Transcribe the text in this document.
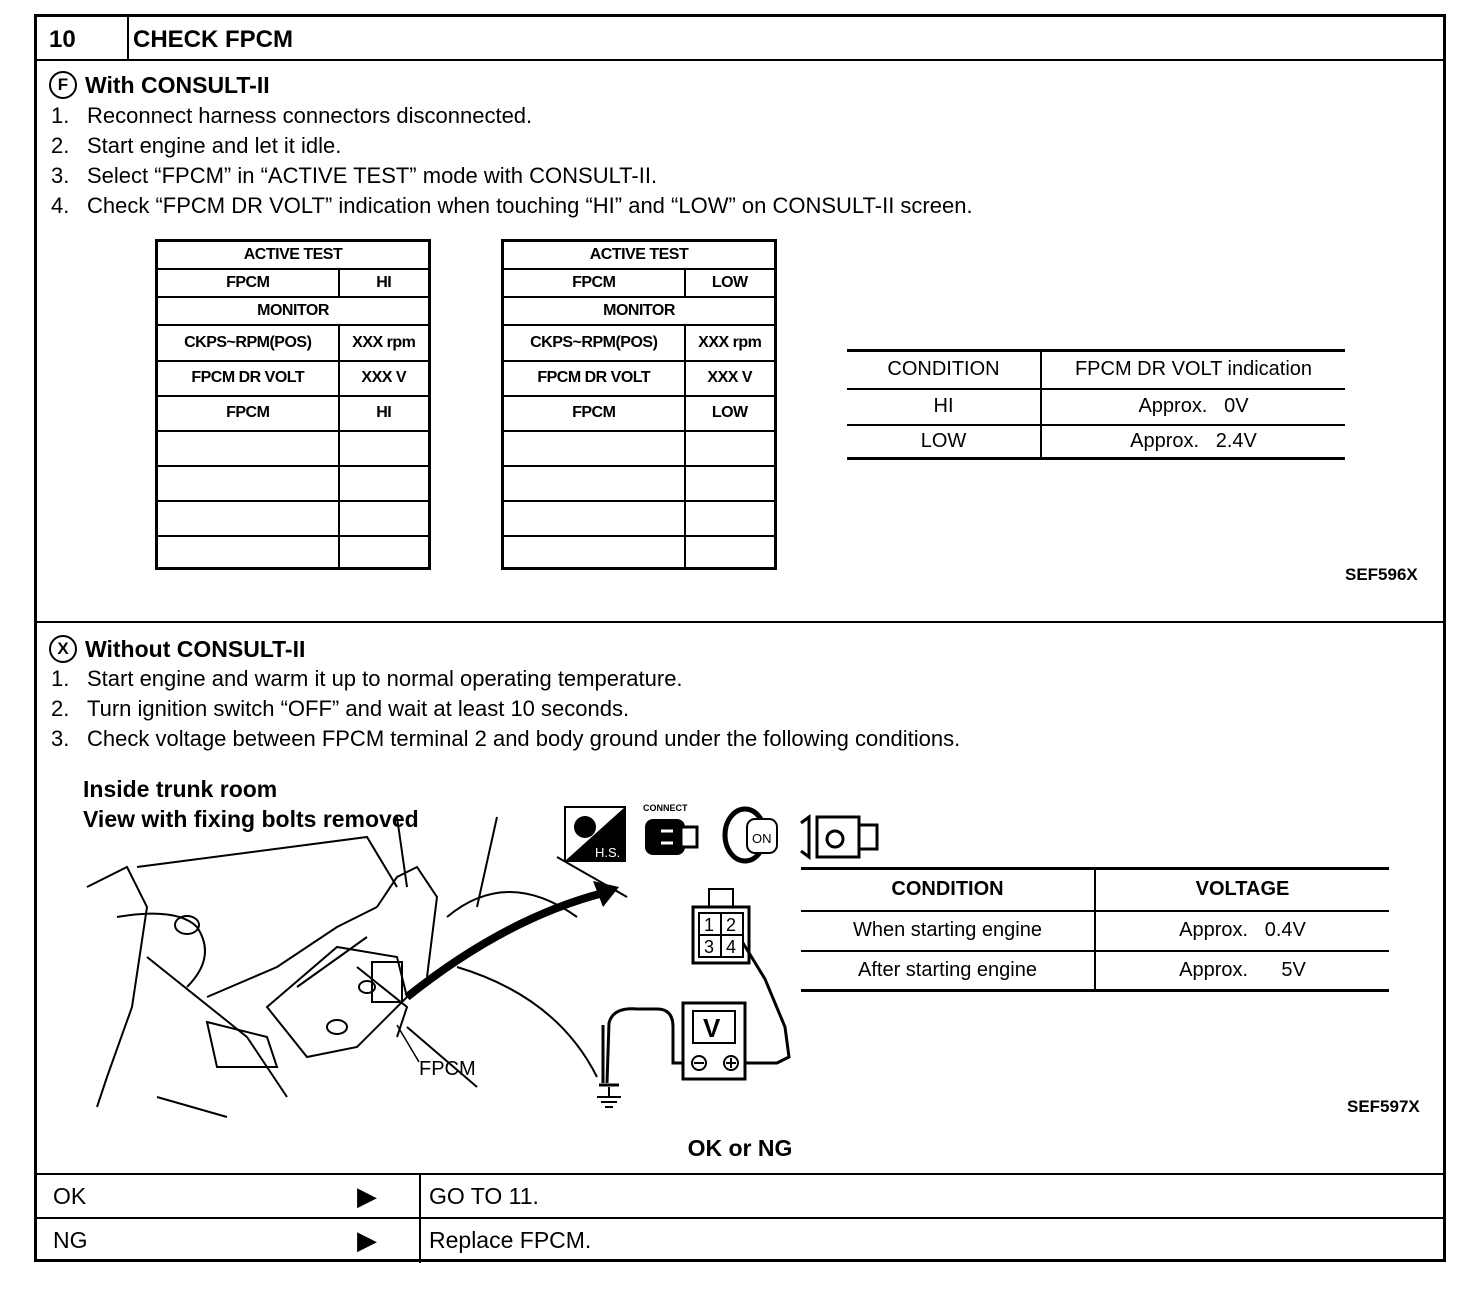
10	CHECK FPCM
F With CONSULT-II
1. Reconnect harness connectors disconnected.
2. Start engine and let it idle.
3. Select “FPCM” in “ACTIVE TEST” mode with CONSULT-II.
4. Check “FPCM DR VOLT” indication when touching “HI” and “LOW” on CONSULT-II screen.
ACTIVE TEST	
FPCM	HI
MONITOR	
CKPS~RPM(POS)	XXX rpm
FPCM DR VOLT	XXX V
FPCM	HI

ACTIVE TEST	
FPCM	LOW
MONITOR	
CKPS~RPM(POS)	XXX rpm
FPCM DR VOLT	XXX V
FPCM	LOW

CONDITION	FPCM DR VOLT indication
HI	Approx.   0V
LOW	Approx.   2.4V
SEF596X
X Without CONSULT-II
1. Start engine and warm it up to normal operating temperature.
2. Turn ignition switch “OFF” and wait at least 10 seconds.
3. Check voltage between FPCM terminal 2 and body ground under the following conditions.
Inside trunk room
View with fixing bolts removed
FPCM
H.S.
CONNECT
ON
1 2
3 4
V
CONDITION	VOLTAGE
When starting engine	Approx.   0.4V
After starting engine	Approx.      5V
SEF597X
OK or NG
OK	▶	GO TO 11.
NG	▶	Replace FPCM.
